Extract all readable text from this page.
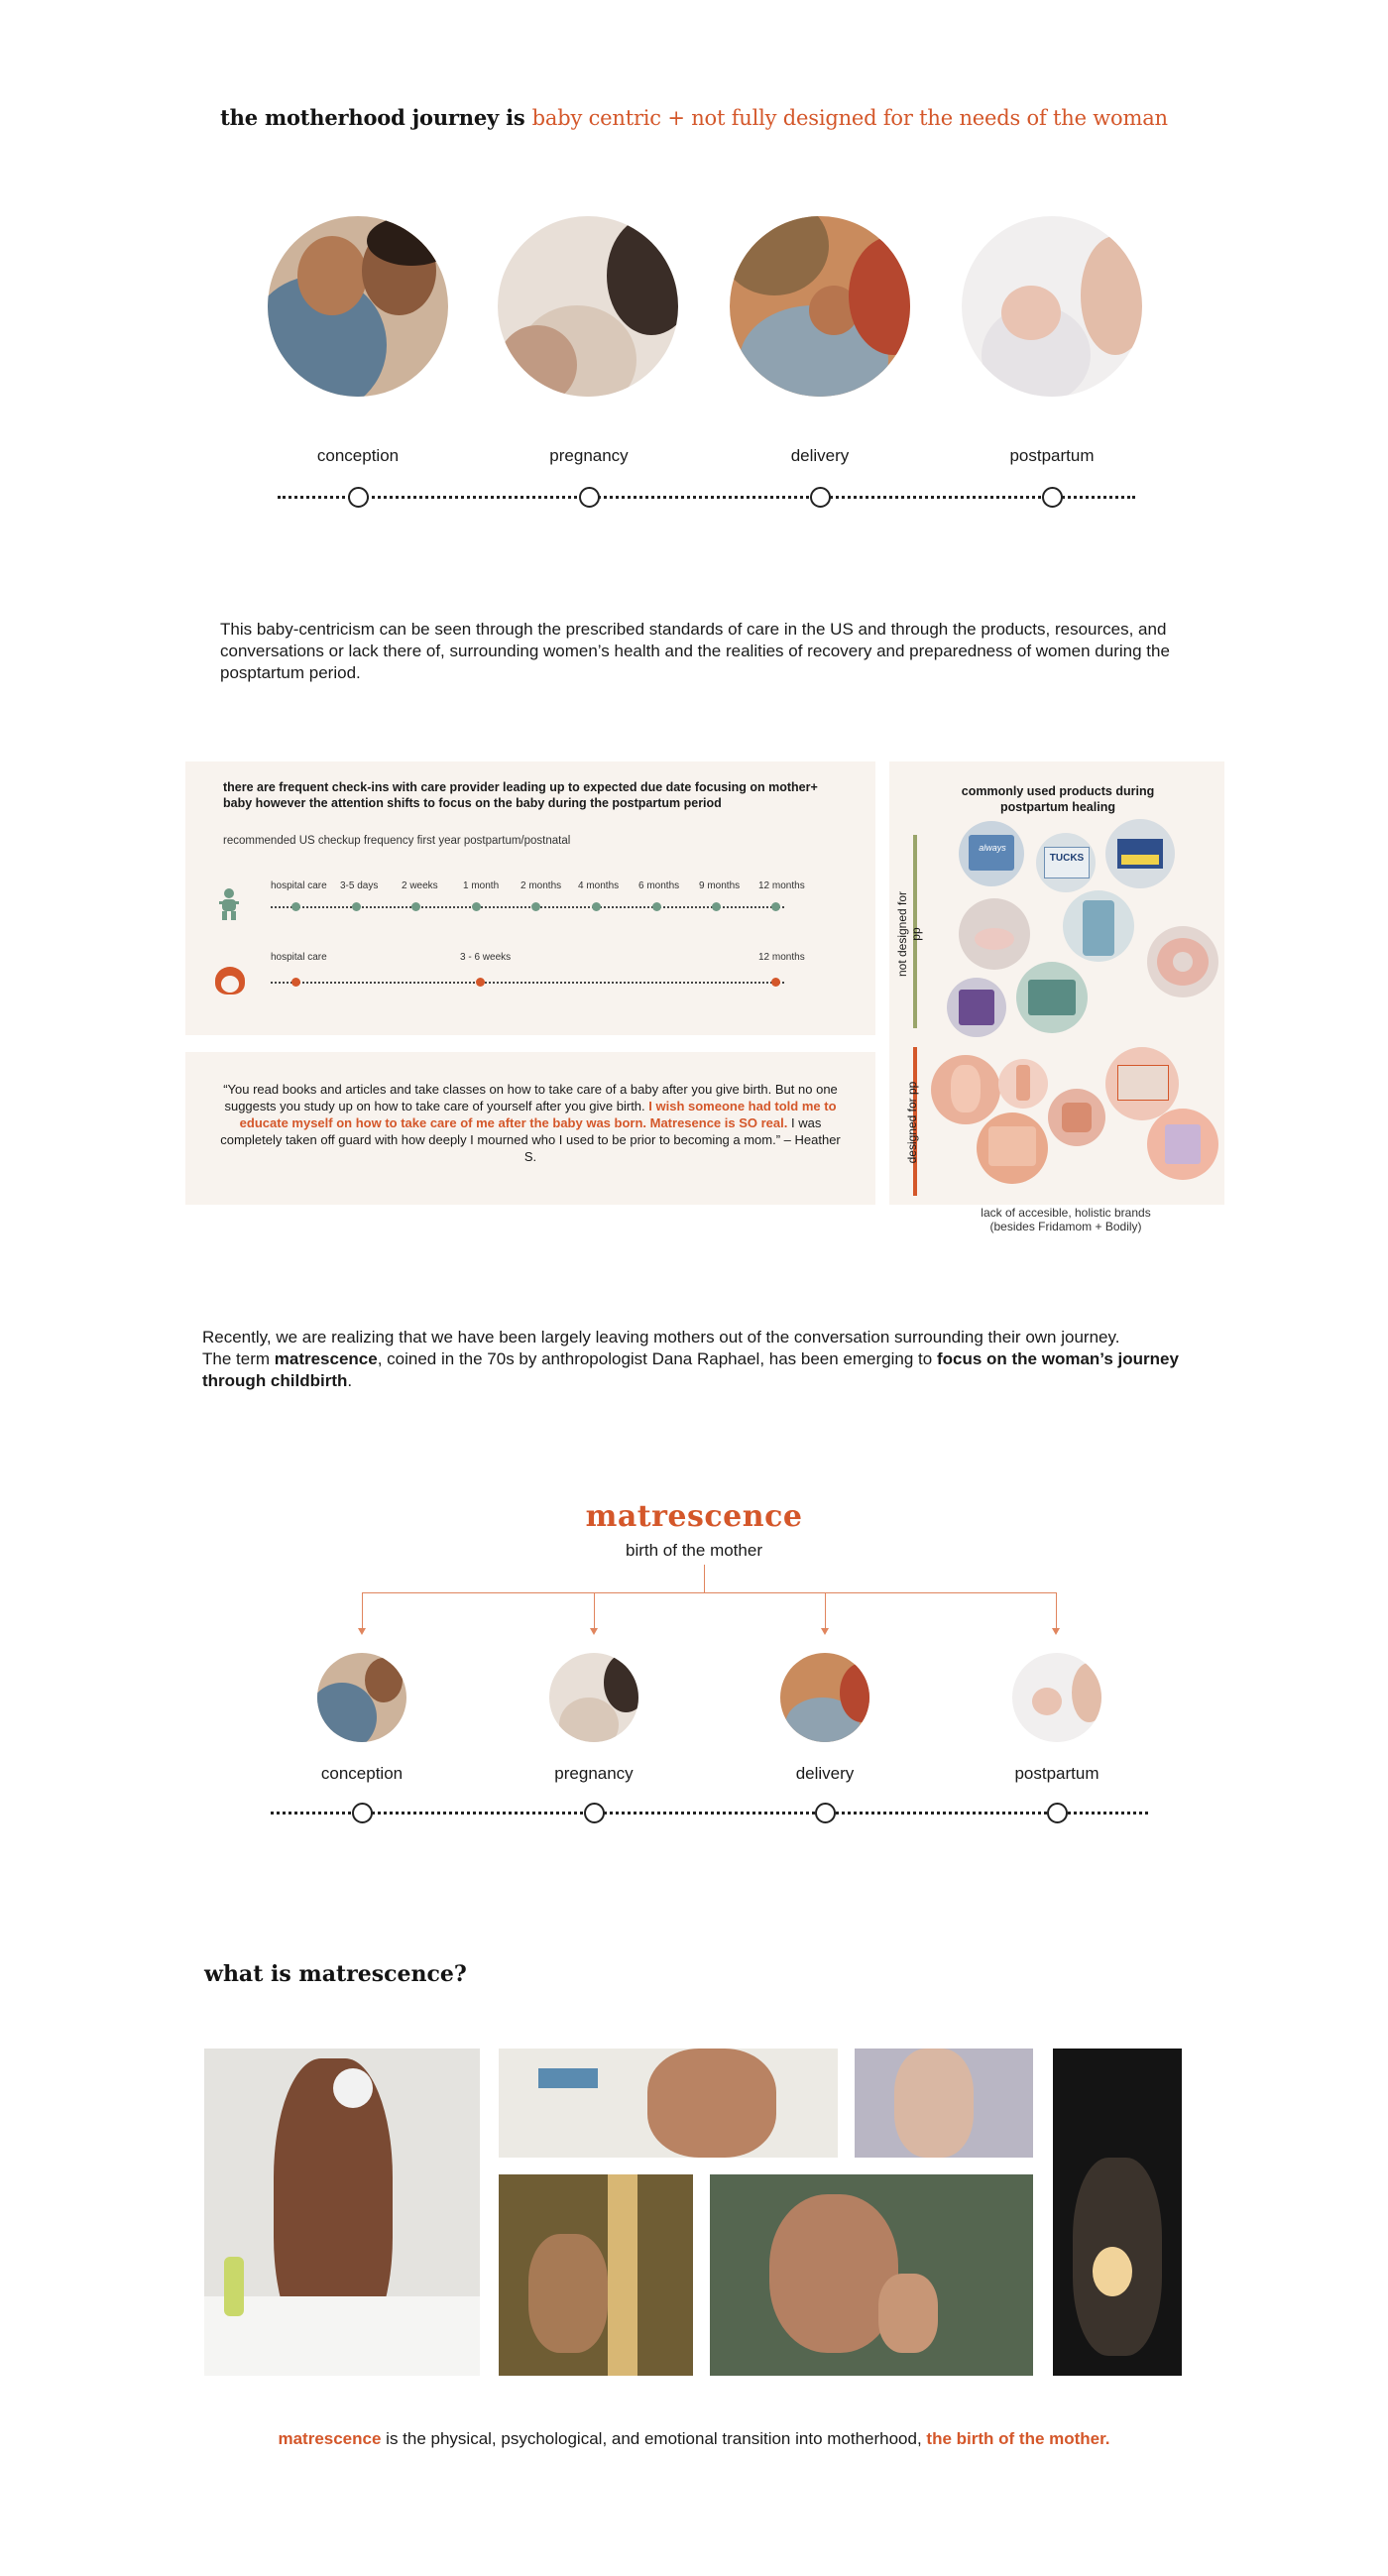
the motherhood journey is baby centric + not fully designed for the needs of the woman
conception	pregnancy	delivery	postpartum
This baby-centricism can be seen through the prescribed standards of care in the US and through the products, resources, and conversations or lack there of, surrounding women’s health and the realities of recovery and preparedness of women during the posptartum period.
there are frequent check-ins with care provider leading up to expected due date focusing on mother+ baby however the attention shifts to focus on the baby during the postpartum period
recommended US checkup frequency first year postpartum/postnatal
hospital care 3-5 days 2 weeks	1 month 2 months 4 months 6 months 9 months 12 months
hospital care	3 - 6 weeks	12 months
“You read books and articles and take classes on how to take care of a baby after you give birth. But no one suggests you study up on how to take care of yourself after you give birth. I wish someone had told me to educate myself on how to take care of me after the baby was born. Matresence is SO real. I was completely taken off guard with how deeply I mourned who I used to be prior to becoming a mom.” – Heather S.
commonly used products during postpartum healing
not designed for pp
designed for pp
always
TUCKS
lack of accesible, holistic brands (besides Fridamom + Bodily)
Recently, we are realizing that we have been largely leaving mothers out of the conversation surrounding their own journey.
The term matrescence, coined in the 70s by anthropologist Dana Raphael, has been emerging to focus on the woman’s journey through childbirth.
matrescence
birth of the mother
conception	pregnancy	delivery	postpartum
what is matrescence?
matrescence is the physical, psychological, and emotional transition into motherhood, the birth of the mother.
